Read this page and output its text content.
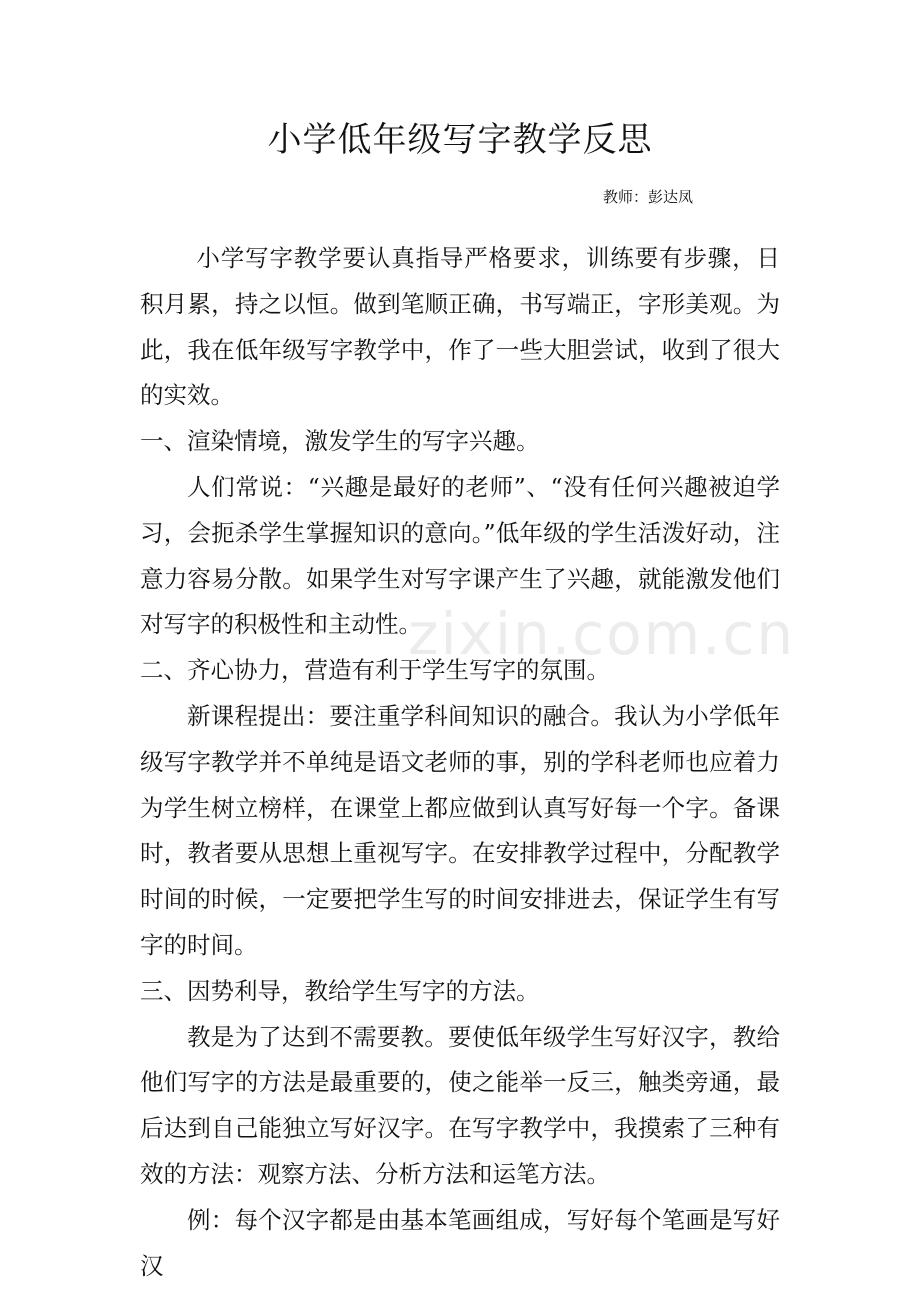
zixin.com.cn
小学低年级写字教学反思
教师：彭达凤

小学写字教学要认真指导严格要求，训练要有步骤，日积月累，持之以恒。做到笔顺正确，书写端正，字形美观。为此，我在低年级写字教学中，作了一些大胆尝试，收到了很大的实效。

一、渲染情境，激发学生的写字兴趣。

人们常说：“兴趣是最好的老师”、“没有任何兴趣被迫学习，会扼杀学生掌握知识的意向。”低年级的学生活泼好动，注意力容易分散。如果学生对写字课产生了兴趣，就能激发他们对写字的积极性和主动性。

二、齐心协力，营造有利于学生写字的氛围。

新课程提出：要注重学科间知识的融合。我认为小学低年级写字教学并不单纯是语文老师的事，别的学科老师也应着力为学生树立榜样，在课堂上都应做到认真写好每一个字。备课时，教者要从思想上重视写字。在安排教学过程中，分配教学时间的时候，一定要把学生写的时间安排进去，保证学生有写字的时间。

三、因势利导，教给学生写字的方法。

教是为了达到不需要教。要使低年级学生写好汉字，教给他们写字的方法是最重要的，使之能举一反三，触类旁通，最后达到自己能独立写好汉字。在写字教学中，我摸索了三种有效的方法：观察方法、分析方法和运笔方法。

例：每个汉字都是由基本笔画组成，写好每个笔画是写好汉
